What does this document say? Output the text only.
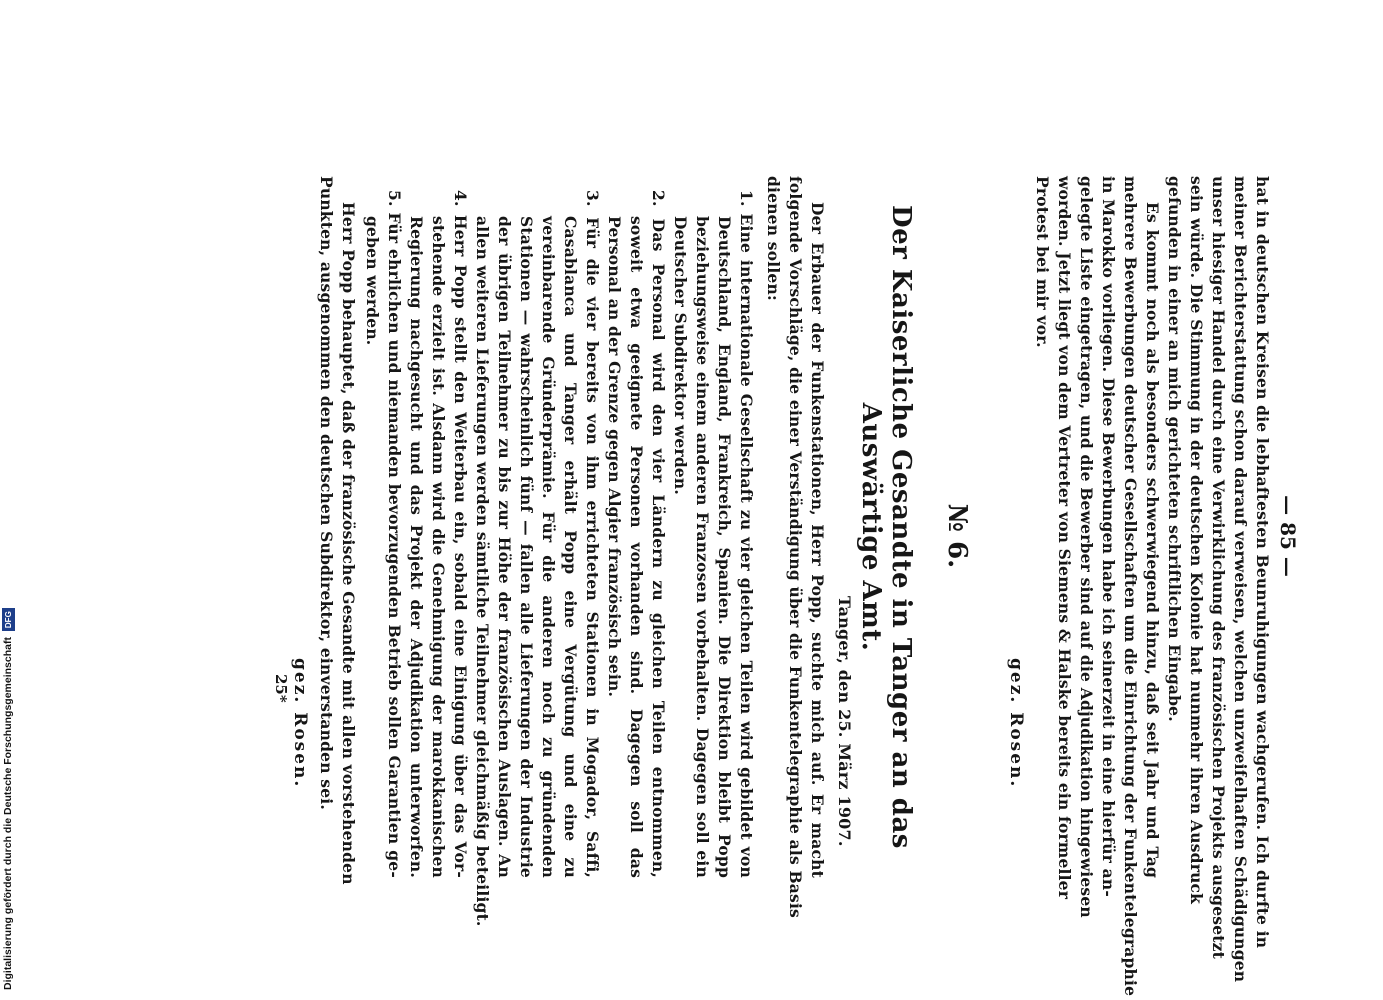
— 85 —
hat in deutschen Kreisen die lebhaftesten Beunruhigungen wachgerufen. Ich durfte in
meiner Berichterstattung schon darauf verweisen, welchen unzweifelhaften Schädigungen
unser hiesiger Handel durch eine Verwirklichung des französischen Projekts ausgesetzt
sein würde. Die Stimmung in der deutschen Kolonie hat nunmehr ihren Ausdruck
gefunden in einer an mich gerichteten schriftlichen Eingabe.
Es kommt noch als besonders schwerwiegend hinzu, daß seit Jahr und Tag
mehrere Bewerbungen deutscher Gesellschaften um die Einrichtung der Funkentelegraphie
in Marokko vorliegen. Diese Bewerbungen habe ich seinerzeit in eine hierfür an-
gelegte Liste eingetragen, und die Bewerber sind auf die Adjudikation hingewiesen
worden. Jetzt liegt von dem Vertreter von Siemens & Halske bereits ein formeller
Protest bei mir vor.
gez. Rosen.
№ 6.
Der Kaiserliche Gesandte in Tanger an das Auswärtige Amt.
Tanger, den 25. März 1907.
Der Erbauer der Funkenstationen, Herr Popp, suchte mich auf. Er macht
folgende Vorschläge, die einer Verständigung über die Funkentelegraphie als Basis
dienen sollen:
1. Eine internationale Gesellschaft zu vier gleichen Teilen wird gebildet von
Deutschland, England, Frankreich, Spanien. Die Direktion bleibt Popp
beziehungsweise einem anderen Franzosen vorbehalten. Dagegen soll ein
Deutscher Subdirektor werden.
2. Das Personal wird den vier Ländern zu gleichen Teilen entnommen,
soweit etwa geeignete Personen vorhanden sind. Dagegen soll das
Personal an der Grenze gegen Algier französisch sein.
3. Für die vier bereits von ihm errichteten Stationen in Mogador, Saffi,
Casablanca und Tanger erhält Popp eine Vergütung und eine zu
vereinbarende Gründerprämie. Für die anderen noch zu gründenden
Stationen — wahrscheinlich fünf — fallen alle Lieferungen der Industrie
der übrigen Teilnehmer zu bis zur Höhe der französischen Auslagen. An
allen weiteren Lieferungen werden sämtliche Teilnehmer gleichmäßig beteiligt.
4. Herr Popp stellt den Weiterbau ein, sobald eine Einigung über das Vor-
stehende erzielt ist. Alsdann wird die Genehmigung der marokkanischen
Regierung nachgesucht und das Projekt der Adjudikation unterworfen.
5. Für ehrlichen und niemanden bevorzugenden Betrieb sollen Garantien ge-
geben werden.
Herr Popp behauptet, daß der französische Gesandte mit allen vorstehenden
Punkten, ausgenommen den deutschen Subdirektor, einverstanden sei.
gez. Rosen.
25*
Digitalisierung gefördert durch die Deutsche Forschungsgemeinschaft DFG
